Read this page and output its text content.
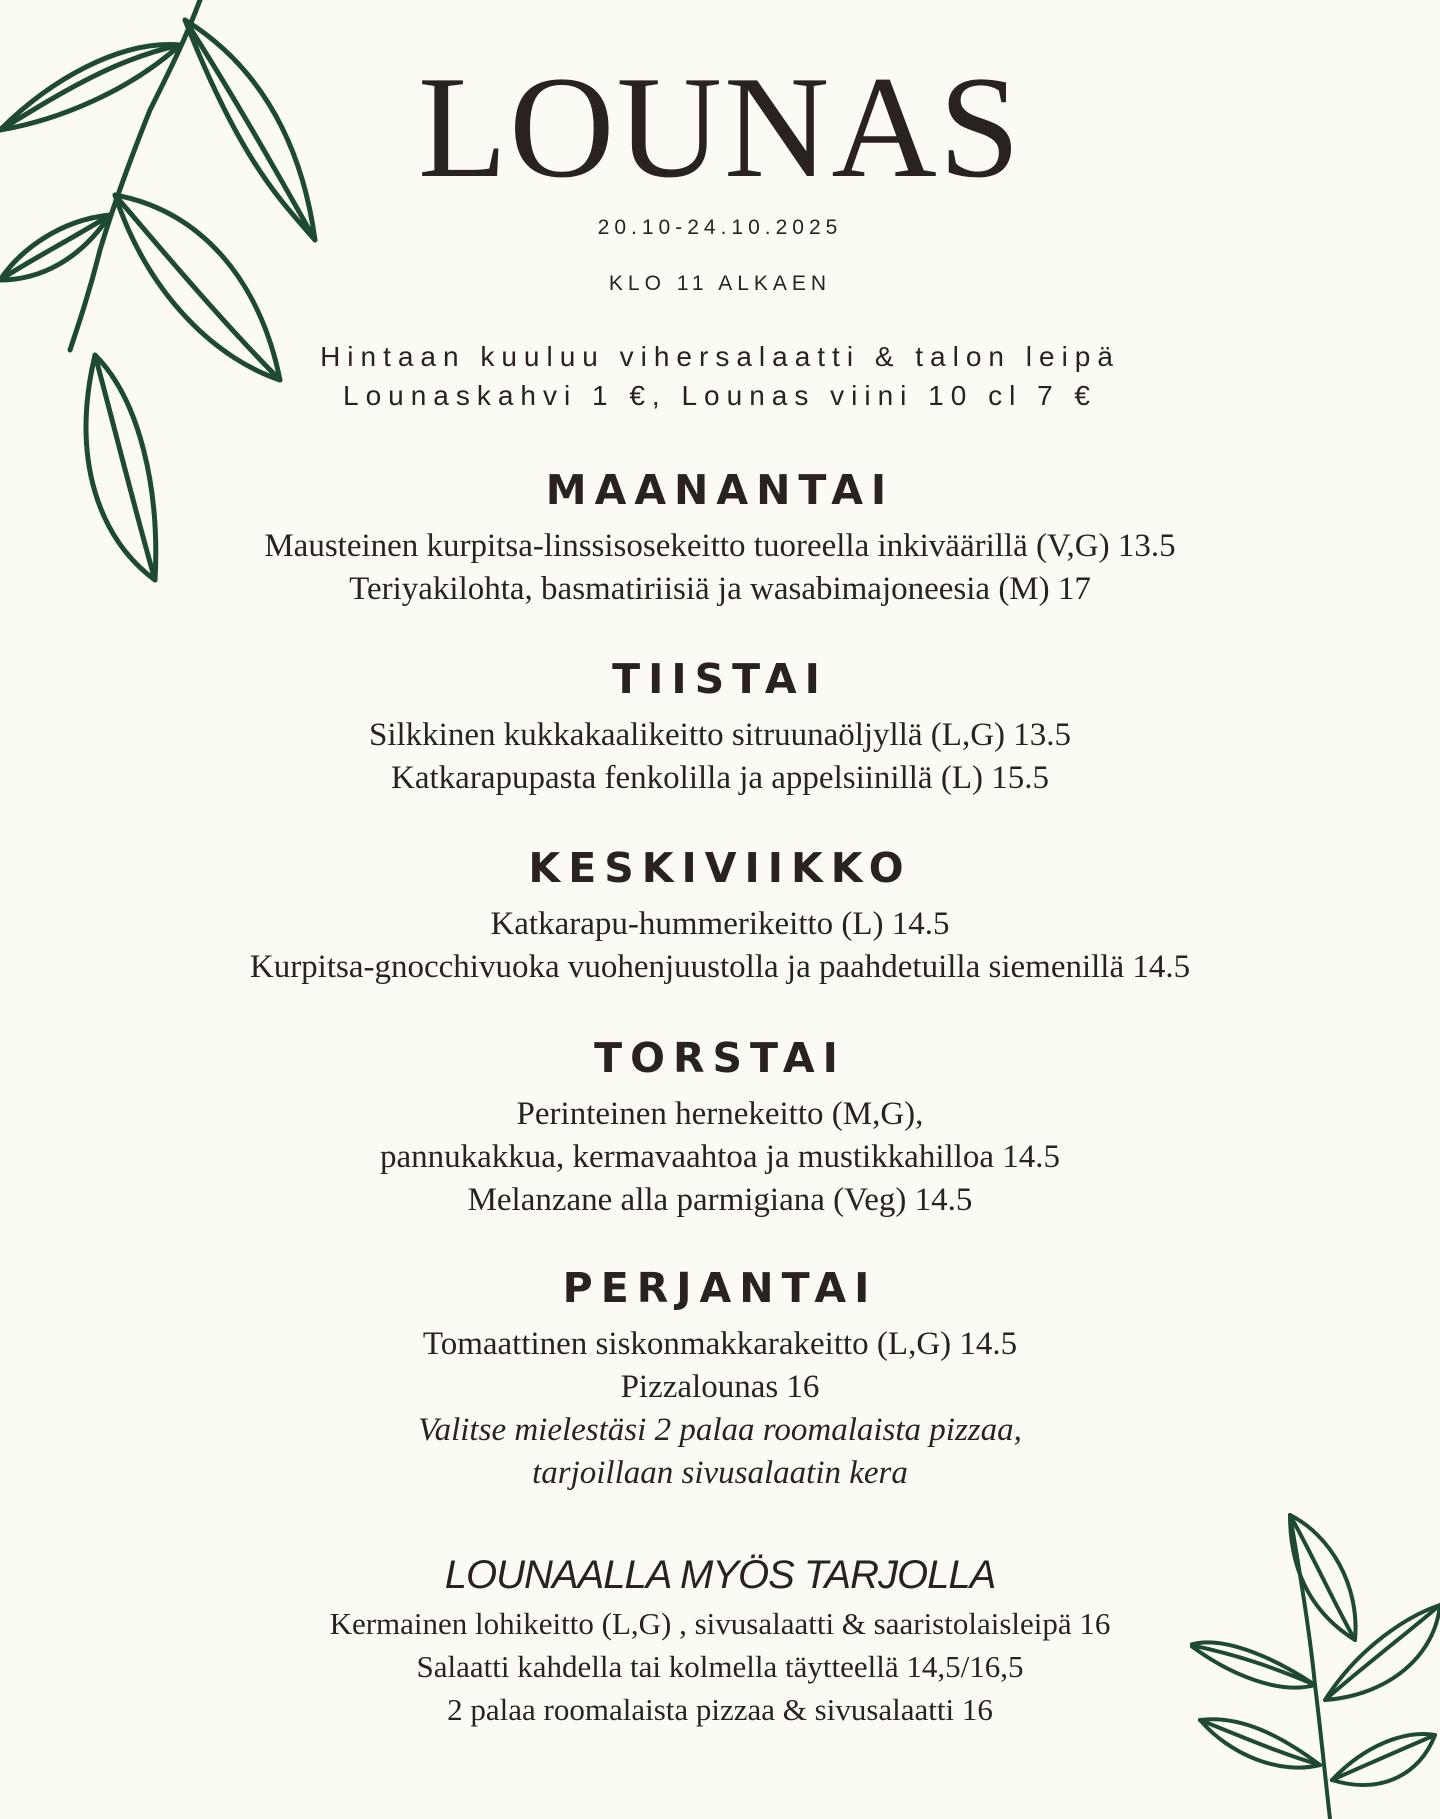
LOUNAS
20.10-24.10.2025
KLO 11 ALKAEN
Hintaan kuuluu vihersalaatti & talon leipä
Lounaskahvi 1 €, Lounas viini 10 cl 7 €
MAANANTAI
Mausteinen kurpitsa-linssisosekeitto tuoreella inkiväärillä (V,G) 13.5
Teriyakilohta, basmatiriisiä ja wasabimajoneesia (M) 17
TIISTAI
Silkkinen kukkakaalikeitto sitruunaöljyllä (L,G) 13.5
Katkarapupasta fenkolilla ja appelsiinillä (L) 15.5
KESKIVIIKKO
Katkarapu-hummerikeitto (L) 14.5
Kurpitsa-gnocchivuoka vuohenjuustolla ja paahdetuilla siemenillä 14.5
TORSTAI
Perinteinen hernekeitto (M,G),
pannukakkua, kermavaahtoa ja mustikkahilloa 14.5
Melanzane alla parmigiana (Veg) 14.5
PERJANTAI
Tomaattinen siskonmakkarakeitto (L,G) 14.5
Pizzalounas 16
Valitse mielestäsi 2 palaa roomalaista pizzaa,
tarjoillaan sivusalaatin kera
LOUNAALLA MYÖS TARJOLLA
Kermainen lohikeitto (L,G) , sivusalaatti & saaristolaisleipä 16
Salaatti kahdella tai kolmella täytteellä 14,5/16,5
2 palaa roomalaista pizzaa & sivusalaatti 16
